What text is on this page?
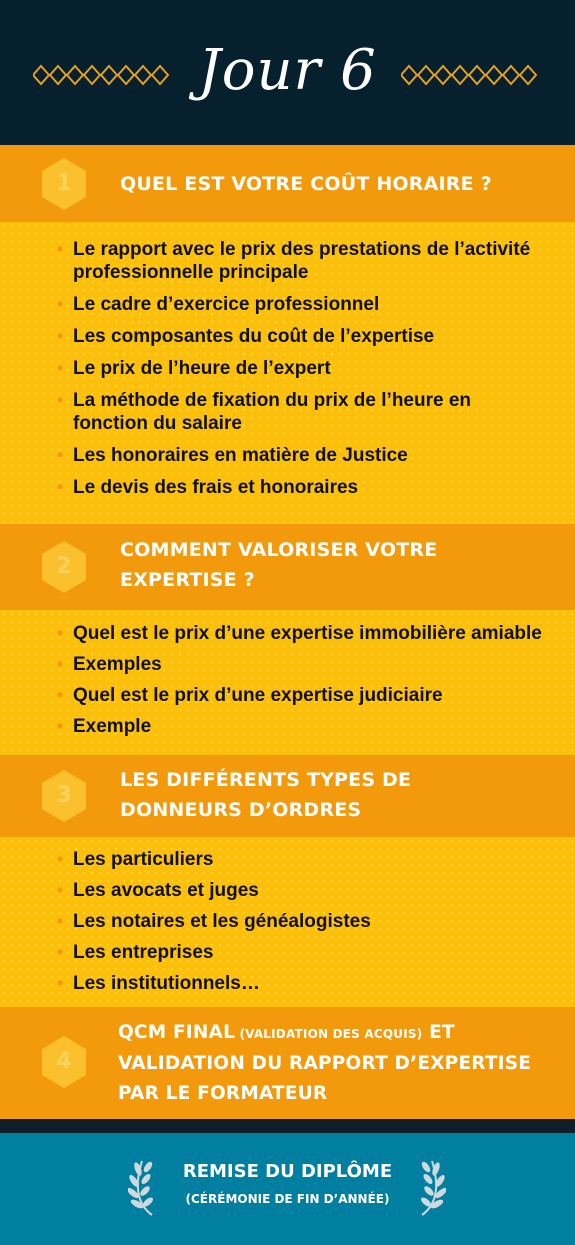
Jour 6
1	QUEL EST VOTRE COÛT HORAIRE ?
• Le rapport avec le prix des prestations de l’activité professionnelle principale
• Le cadre d’exercice professionnel
• Les composantes du coût de l’expertise
• Le prix de l’heure de l’expert
• La méthode de fixation du prix de l’heure en fonction du salaire
• Les honoraires en matière de Justice
• Le devis des frais et honoraires
2
COMMENT VALORISER VOTRE EXPERTISE ?
• Quel est le prix d’une expertise immobilière amiable
• Exemples
• Quel est le prix d’une expertise judiciaire
• Exemple
3
LES DIFFÉRENTS TYPES DE DONNEURS D’ORDRES
• Les particuliers
• Les avocats et juges
• Les notaires et les généalogistes
• Les entreprises
• Les institutionnels…
4
QCM FINAL (VALIDATION DES ACQUIS) ET VALIDATION DU RAPPORT D’EXPERTISE PAR LE FORMATEUR
REMISE DU DIPLÔME
(CÉRÉMONIE DE FIN D’ANNÉE)
